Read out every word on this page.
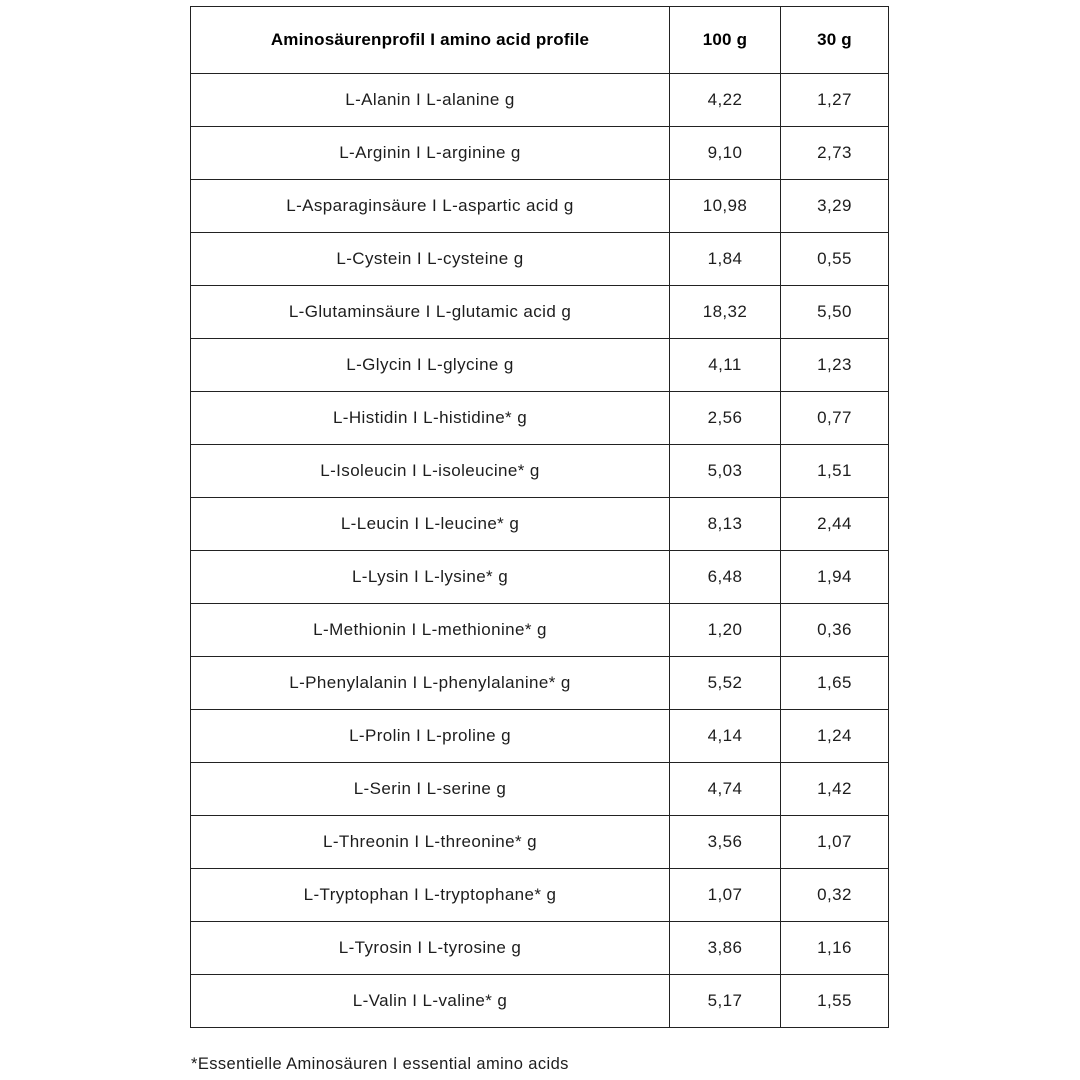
Aminosäurenprofil I amino acid profile	100 g	30 g
L-Alanin I L-alanine g	4,22	1,27
L-Arginin I L-arginine g	9,10	2,73
L-Asparaginsäure I L-aspartic acid g	10,98	3,29
L-Cystein I L-cysteine g	1,84	0,55
L-Glutaminsäure I L-glutamic acid g	18,32	5,50
L-Glycin I L-glycine g	4,11	1,23
L-Histidin I L-histidine* g	2,56	0,77
L-Isoleucin I L-isoleucine* g	5,03	1,51
L-Leucin I L-leucine* g	8,13	2,44
L-Lysin I L-lysine* g	6,48	1,94
L-Methionin I L-methionine* g	1,20	0,36
L-Phenylalanin I L-phenylalanine* g	5,52	1,65
L-Prolin I L-proline g	4,14	1,24
L-Serin I L-serine g	4,74	1,42
L-Threonin I L-threonine* g	3,56	1,07
L-Tryptophan I L-tryptophane* g	1,07	0,32
L-Tyrosin I L-tyrosine g	3,86	1,16
L-Valin I L-valine* g	5,17	1,55
*Essentielle Aminosäuren I essential amino acids
